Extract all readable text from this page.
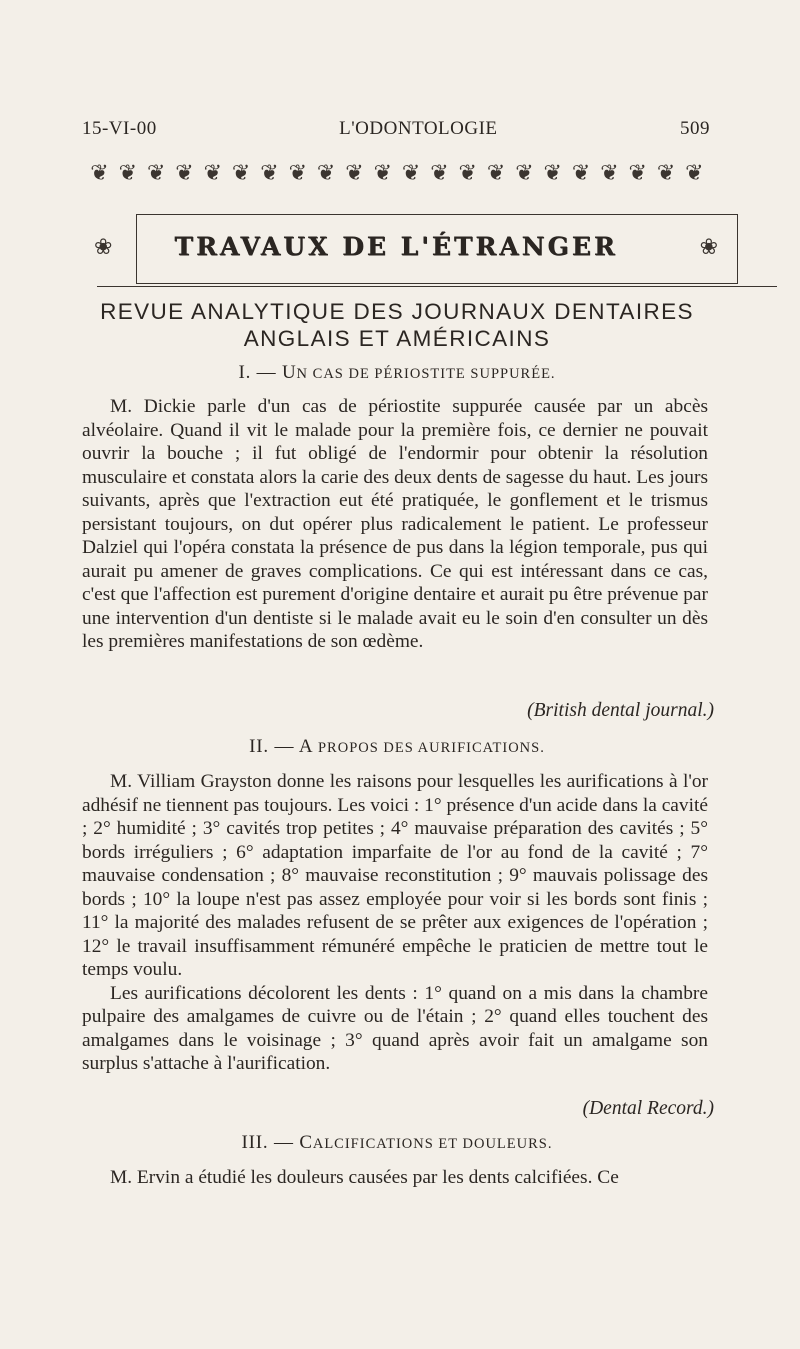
15-VI-00	L'ODONTOLOGIE	509
❦ ❦ ❦ ❦ ❦ ❦ ❦ ❦ ❦ ❦ ❦ ❦ ❦ ❦ ❦ ❦ ❦ ❦ ❦ ❦ ❦ ❦
❀	TRAVAUX DE L'ÉTRANGER	❀
REVUE ANALYTIQUE DES JOURNAUX DENTAIRES
ANGLAIS ET AMÉRICAINS
I. — UN CAS DE PÉRIOSTITE SUPPURÉE.

M. Dickie parle d'un cas de périostite suppurée causée par un abcès alvéolaire. Quand il vit le malade pour la première fois, ce dernier ne pouvait ouvrir la bouche ; il fut obligé de l'endormir pour obtenir la résolution musculaire et constata alors la carie des deux dents de sagesse du haut. Les jours suivants, après que l'extraction eut été pratiquée, le gonflement et le trismus persistant toujours, on dut opérer plus radicalement le patient. Le professeur Dalziel qui l'opéra constata la présence de pus dans la légion temporale, pus qui aurait pu amener de graves complications. Ce qui est intéressant dans ce cas, c'est que l'affection est purement d'origine dentaire et aurait pu être prévenue par une intervention d'un dentiste si le malade avait eu le soin d'en consulter un dès les premières manifestations de son œdème.

(British dental journal.)
II. — A PROPOS DES AURIFICATIONS.

M. Villiam Grayston donne les raisons pour lesquelles les aurifications à l'or adhésif ne tiennent pas toujours. Les voici : 1° présence d'un acide dans la cavité ; 2° humidité ; 3° cavités trop petites ; 4° mauvaise préparation des cavités ; 5° bords irréguliers ; 6° adaptation imparfaite de l'or au fond de la cavité ; 7° mauvaise condensation ; 8° mauvaise reconstitution ; 9° mauvais polissage des bords ; 10° la loupe n'est pas assez employée pour voir si les bords sont finis ; 11° la majorité des malades refusent de se prêter aux exigences de l'opération ; 12° le travail insuffisamment rémunéré empêche le praticien de mettre tout le temps voulu.

Les aurifications décolorent les dents : 1° quand on a mis dans la chambre pulpaire des amalgames de cuivre ou de l'étain ; 2° quand elles touchent des amalgames dans le voisinage ; 3° quand après avoir fait un amalgame son surplus s'attache à l'aurification.

(Dental Record.)
III. — CALCIFICATIONS ET DOULEURS.

M. Ervin a étudié les douleurs causées par les dents calcifiées. Ce
